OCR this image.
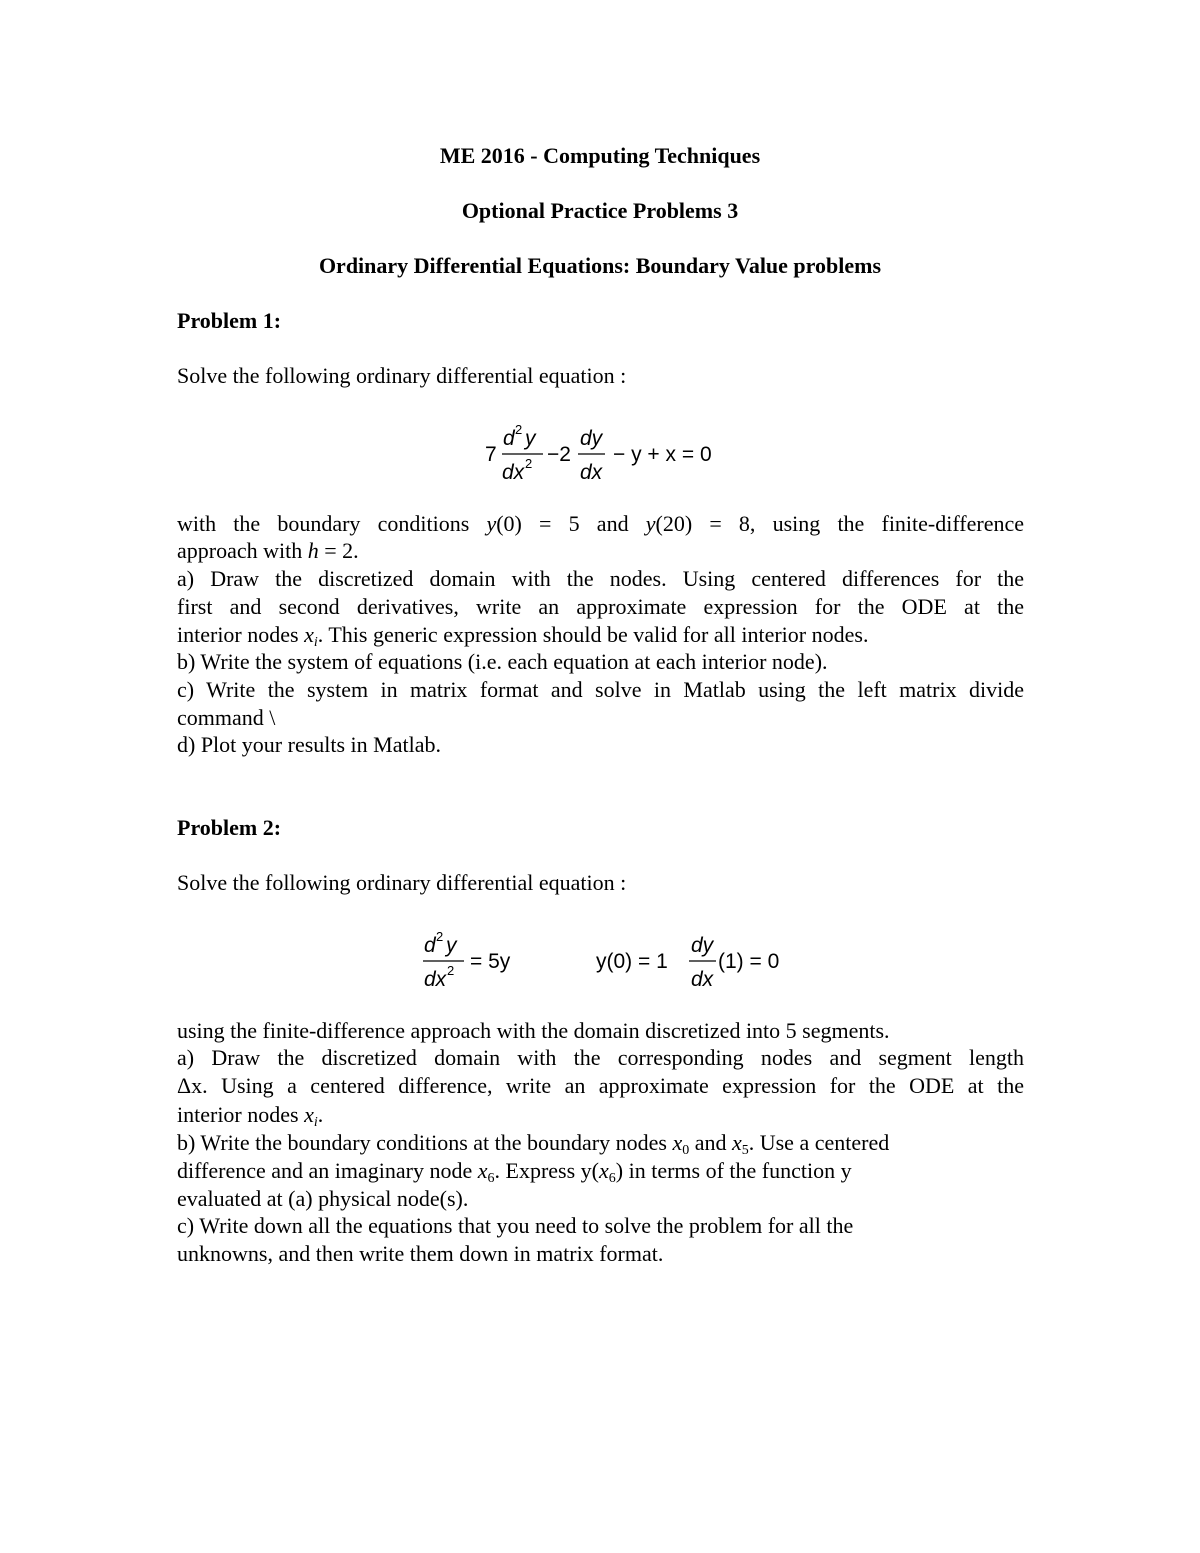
ME 2016 - Computing Techniques
Optional Practice Problems 3
Ordinary Differential Equations: Boundary Value problems
Problem 1:
Solve the following ordinary differential equation :
7
d 2 y
dx 2 −2
dy
dx
− y + x = 0
with the boundary conditions y(0) = 5 and y(20) = 8, using the finite-difference
approach with h = 2.
a) Draw the discretized domain with the nodes. Using centered differences for the
first and second derivatives, write an approximate expression for the ODE at the
interior nodes $x_i$. This generic expression should be valid for all interior nodes.
b) Write the system of equations (i.e. each equation at each interior node).
c) Write the system in matrix format and solve in Matlab using the left matrix divide
command \
d) Plot your results in Matlab.
Problem 2:
Solve the following ordinary differential equation :
d 2 y
dx 2 = 5y	y(0) = 1
dy
dx
(1) = 0
using the finite-difference approach with the domain discretized into 5 segments.
a) Draw the discretized domain with the corresponding nodes and segment length
Δx. Using a centered difference, write an approximate expression for the ODE at the
interior nodes $x_i$.
b) Write the boundary conditions at the boundary nodes $x_0$ and $x_5$. Use a centered
difference and an imaginary node $x_6$. Express $y(x_6)$ in terms of the function y
evaluated at (a) physical node(s).
c) Write down all the equations that you need to solve the problem for all the
unknowns, and then write them down in matrix format.
